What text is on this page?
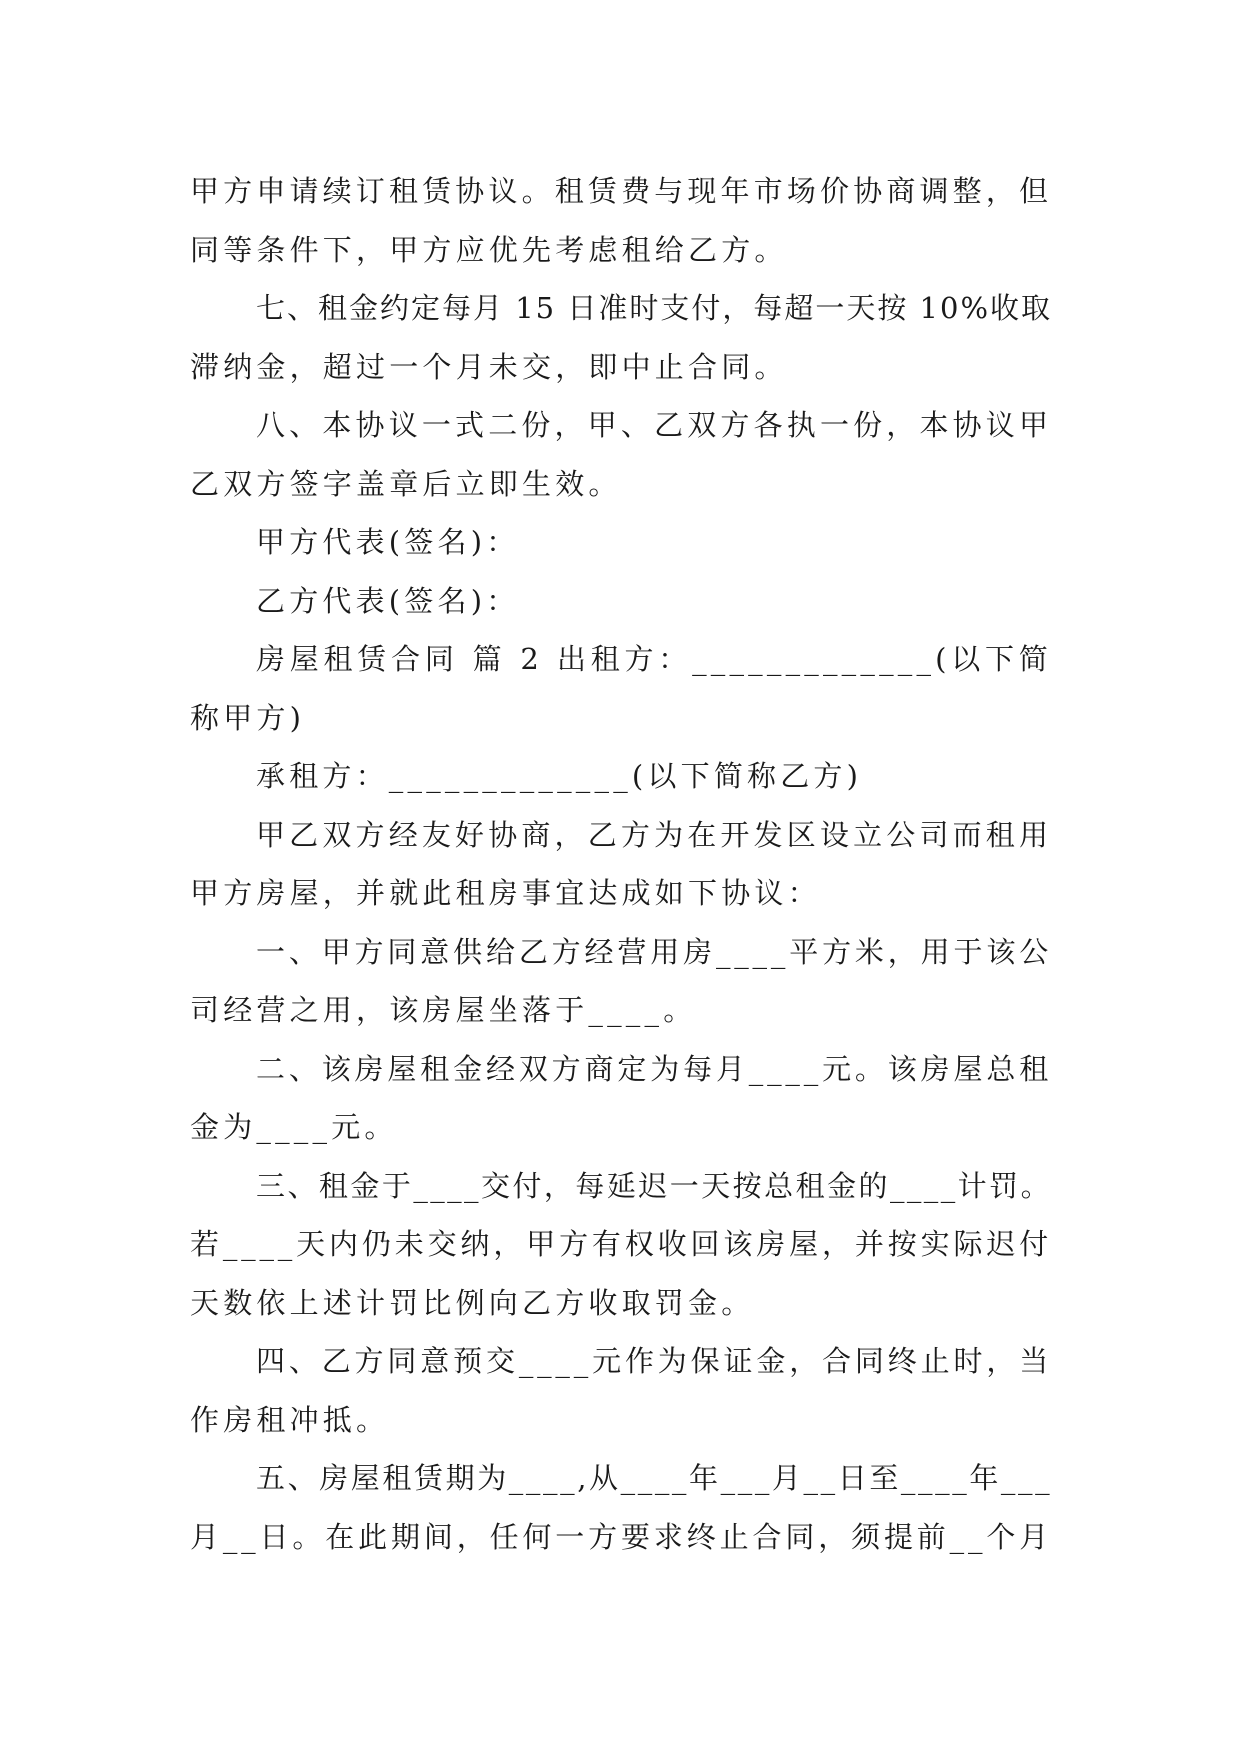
甲方申请续订租赁协议。租赁费与现年市场价协商调整，但
同等条件下，甲方应优先考虑租给乙方。
七、租金约定每月 15 日准时支付，每超一天按 10%收取
滞纳金，超过一个月未交，即中止合同。
八、本协议一式二份，甲、乙双方各执一份，本协议甲
乙双方签字盖章后立即生效。
甲方代表(签名)：
乙方代表(签名)：
房屋租赁合同 篇 2 出租方：_____________(以下简
称甲方)
承租方：_____________(以下简称乙方)
甲乙双方经友好协商，乙方为在开发区设立公司而租用
甲方房屋，并就此租房事宜达成如下协议：
一、甲方同意供给乙方经营用房____平方米，用于该公
司经营之用，该房屋坐落于____。
二、该房屋租金经双方商定为每月____元。该房屋总租
金为____元。
三、租金于____交付，每延迟一天按总租金的____计罚。
若____天内仍未交纳，甲方有权收回该房屋，并按实际迟付
天数依上述计罚比例向乙方收取罚金。
四、乙方同意预交____元作为保证金，合同终止时，当
作房租冲抵。
五、房屋租赁期为____,从____年___月__日至____年___
月__日。在此期间，任何一方要求终止合同，须提前__个月
